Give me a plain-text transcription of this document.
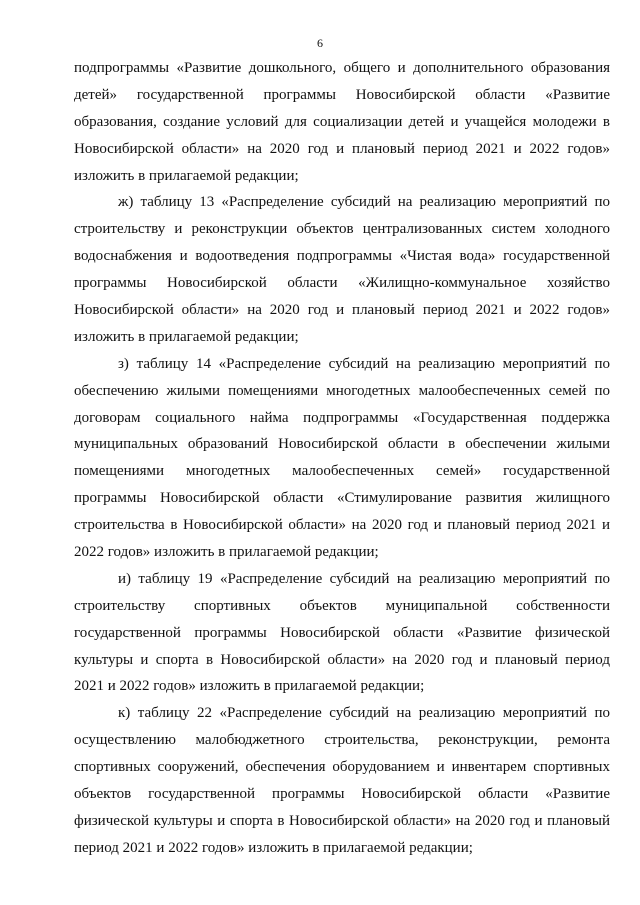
6
подпрограммы «Развитие дошкольного, общего и дополнительного образования
детей» государственной программы Новосибирской области «Развитие
образования, создание условий для социализации детей и учащейся молодежи в
Новосибирской области» на 2020 год и плановый период 2021 и 2022 годов»
изложить в прилагаемой редакции;
ж) таблицу 13 «Распределение субсидий на реализацию мероприятий по
строительству и реконструкции объектов централизованных систем холодного
водоснабжения и водоотведения подпрограммы «Чистая вода» государственной
программы Новосибирской области «Жилищно-коммунальное хозяйство
Новосибирской области» на 2020 год и плановый период 2021 и 2022 годов»
изложить в прилагаемой редакции;
з) таблицу 14 «Распределение субсидий на реализацию мероприятий по
обеспечению жилыми помещениями многодетных малообеспеченных семей по
договорам социального найма подпрограммы «Государственная поддержка
муниципальных образований Новосибирской области в обеспечении жилыми
помещениями многодетных малообеспеченных семей» государственной
программы Новосибирской области «Стимулирование развития жилищного
строительства в Новосибирской области» на 2020 год и плановый период 2021 и
2022 годов» изложить в прилагаемой редакции;
и) таблицу 19 «Распределение субсидий на реализацию мероприятий по
строительству спортивных объектов муниципальной собственности
государственной программы Новосибирской области «Развитие физической
культуры и спорта в Новосибирской области» на 2020 год и плановый период
2021 и 2022 годов» изложить в прилагаемой редакции;
к) таблицу 22 «Распределение субсидий на реализацию мероприятий по
осуществлению малобюджетного строительства, реконструкции, ремонта
спортивных сооружений, обеспечения оборудованием и инвентарем спортивных
объектов государственной программы Новосибирской области «Развитие
физической культуры и спорта в Новосибирской области» на 2020 год и плановый
период 2021 и 2022 годов» изложить в прилагаемой редакции;
